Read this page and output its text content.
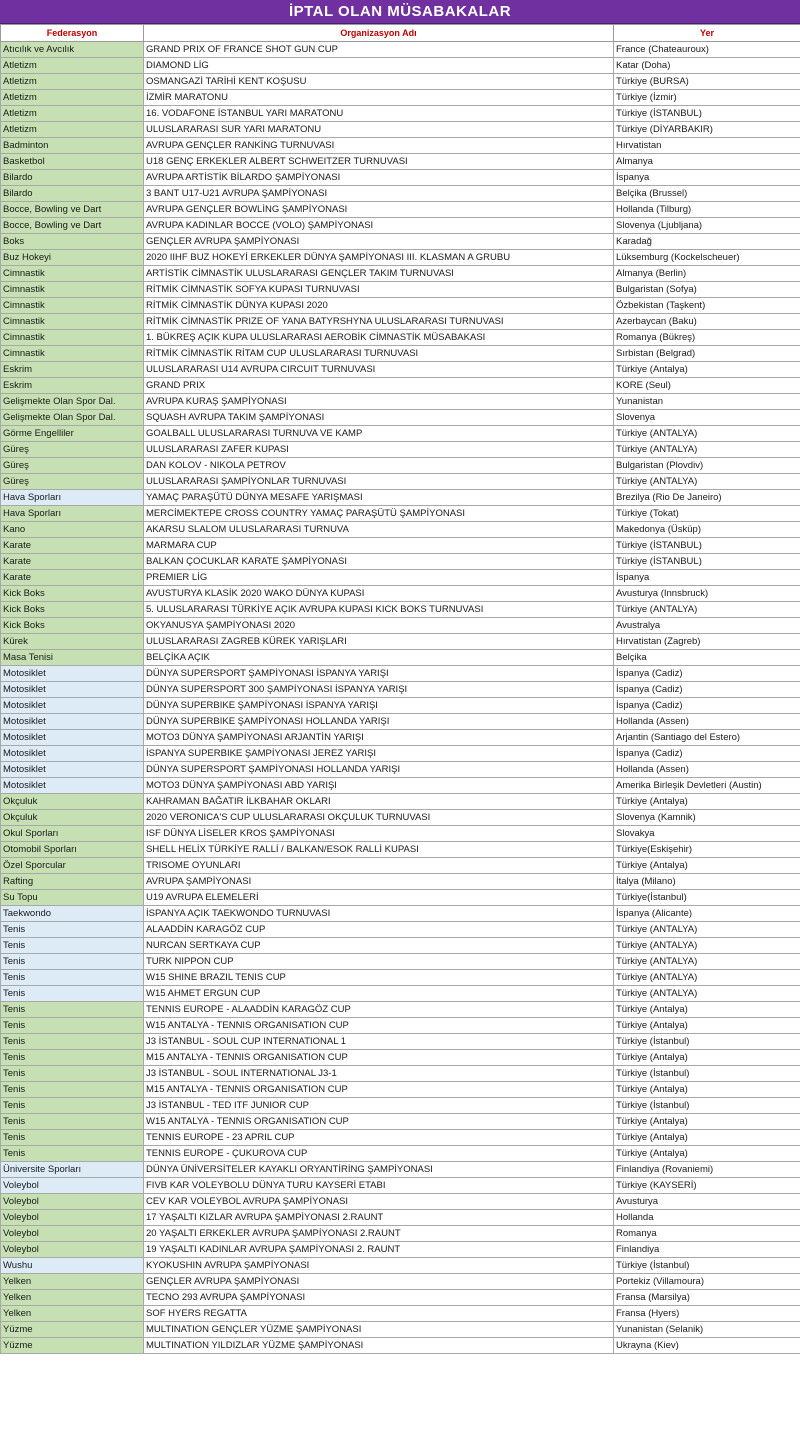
İPTAL OLAN MÜSABAKALAR
Federasyon	Organizasyon Adı	Yer
Atıcılık ve Avcılık	GRAND PRIX OF FRANCE SHOT GUN CUP	France (Chateauroux)
Atletizm	DIAMOND LİG	Katar (Doha)
Atletizm	OSMANGAZİ TARİHİ KENT KOŞUSU	Türkiye (BURSA)
Atletizm	İZMİR MARATONU	Türkiye (İzmir)
Atletizm	16. VODAFONE İSTANBUL YARI MARATONU	Türkiye (İSTANBUL)
Atletizm	ULUSLARARASI SUR YARI MARATONU	Türkiye (DİYARBAKIR)
Badminton	AVRUPA GENÇLER RANKİNG TURNUVASI	Hırvatistan
Basketbol	U18 GENÇ ERKEKLER ALBERT SCHWEITZER TURNUVASI	Almanya
Bilardo	AVRUPA ARTİSTİK BİLARDO ŞAMPİYONASI	İspanya
Bilardo	3 BANT U17-U21 AVRUPA ŞAMPİYONASI	Belçika (Brussel)
Bocce, Bowling ve Dart	AVRUPA GENÇLER BOWLİNG ŞAMPİYONASI	Hollanda (Tilburg)
Bocce, Bowling ve Dart	AVRUPA KADINLAR BOCCE (VOLO) ŞAMPİYONASI	Slovenya (Ljubljana)
Boks	GENÇLER AVRUPA ŞAMPİYONASI	Karadağ
Buz Hokeyi	2020 IIHF BUZ HOKEYİ ERKEKLER DÜNYA ŞAMPİYONASI III. KLASMAN A GRUBU	Lüksemburg (Kockelscheuer)
Cimnastik	ARTİSTİK CİMNASTİK ULUSLARARASI GENÇLER TAKIM TURNUVASI	Almanya (Berlin)
Cimnastik	RİTMİK CİMNASTİK SOFYA KUPASI TURNUVASI	Bulgaristan (Sofya)
Cimnastik	RİTMİK CİMNASTİK DÜNYA KUPASI 2020	Özbekistan (Taşkent)
Cimnastik	RİTMİK CİMNASTİK PRIZE OF YANA BATYRSHYNA ULUSLARARASI TURNUVASI	Azerbaycan (Baku)
Cimnastik	1. BÜKREŞ AÇIK KUPA ULUSLARARASI AEROBİK CİMNASTİK MÜSABAKASI	Romanya (Bükreş)
Cimnastik	RİTMİK CİMNASTİK RİTAM CUP ULUSLARARASI TURNUVASI	Sırbistan (Belgrad)
Eskrim	ULUSLARARASI U14 AVRUPA CIRCUIT TURNUVASI	Türkiye (Antalya)
Eskrim	GRAND PRIX	KORE (Seul)
Gelişmekte Olan Spor Dal.	AVRUPA KURAŞ ŞAMPİYONASI	Yunanistan
Gelişmekte Olan Spor Dal.	SQUASH AVRUPA TAKIM ŞAMPİYONASI	Slovenya
Görme Engelliler	GOALBALL ULUSLARARASI TURNUVA VE KAMP	Türkiye (ANTALYA)
Güreş	ULUSLARARASI ZAFER KUPASI	Türkiye (ANTALYA)
Güreş	DAN KOLOV - NIKOLA PETROV	Bulgaristan (Plovdiv)
Güreş	ULUSLARARASI ŞAMPİYONLAR TURNUVASI	Türkiye (ANTALYA)
Hava Sporları	YAMAÇ PARAŞÜTÜ DÜNYA MESAFE YARIŞMASI	Brezilya (Rio De Janeiro)
Hava Sporları	MERCİMEKTEPE CROSS COUNTRY YAMAÇ PARAŞÜTÜ ŞAMPİYONASI	Türkiye (Tokat)
Kano	AKARSU SLALOM ULUSLARARASI TURNUVA	Makedonya (Üsküp)
Karate	MARMARA CUP	Türkiye (İSTANBUL)
Karate	BALKAN ÇOCUKLAR KARATE ŞAMPİYONASI	Türkiye (İSTANBUL)
Karate	PREMIER LİG	İspanya
Kick Boks	AVUSTURYA KLASİK 2020 WAKO DÜNYA KUPASI	Avusturya (Innsbruck)
Kick Boks	5. ULUSLARARASI TÜRKİYE AÇIK AVRUPA KUPASI KICK BOKS TURNUVASI	Türkiye (ANTALYA)
Kick Boks	OKYANUSYA ŞAMPİYONASI 2020	Avustralya
Kürek	ULUSLARARASI ZAGREB KÜREK YARIŞLARI	Hırvatistan (Zagreb)
Masa Tenisi	BELÇİKA AÇIK	Belçika
Motosiklet	DÜNYA SUPERSPORT ŞAMPİYONASI İSPANYA YARIŞI	İspanya (Cadiz)
Motosiklet	DÜNYA SUPERSPORT 300 ŞAMPİYONASI İSPANYA YARIŞI	İspanya (Cadiz)
Motosiklet	DÜNYA SUPERBIKE ŞAMPİYONASI İSPANYA YARIŞI	İspanya (Cadiz)
Motosiklet	DÜNYA SUPERBIKE ŞAMPİYONASI HOLLANDA YARIŞI	Hollanda (Assen)
Motosiklet	MOTO3 DÜNYA ŞAMPİYONASI ARJANTİN YARIŞI	Arjantin (Santiago del Estero)
Motosiklet	İSPANYA SUPERBIKE ŞAMPİYONASI JEREZ YARIŞI	İspanya (Cadiz)
Motosiklet	DÜNYA SUPERSPORT ŞAMPİYONASI HOLLANDA YARIŞI	Hollanda (Assen)
Motosiklet	MOTO3 DÜNYA ŞAMPİYONASI ABD YARIŞI	Amerika Birleşik Devletleri (Austin)
Okçuluk	KAHRAMAN BAĞATIR İLKBAHAR OKLARI	Türkiye (Antalya)
Okçuluk	2020 VERONICA'S CUP ULUSLARARASI OKÇULUK TURNUVASI	Slovenya (Kamnik)
Okul Sporları	ISF DÜNYA LİSELER KROS ŞAMPİYONASI	Slovakya
Otomobil Sporları	SHELL HELİX TÜRKİYE RALLİ / BALKAN/ESOK RALLİ KUPASI	Türkiye(Eskişehir)
Özel Sporcular	TRISOME OYUNLARI	Türkiye (Antalya)
Rafting	AVRUPA ŞAMPİYONASI	İtalya (Milano)
Su Topu	U19 AVRUPA ELEMELERİ	Türkiye(İstanbul)
Taekwondo	İSPANYA AÇIK TAEKWONDO TURNUVASI	İspanya (Alicante)
Tenis	ALAADDİN KARAGÖZ CUP	Türkiye (ANTALYA)
Tenis	NURCAN SERTKAYA CUP	Türkiye (ANTALYA)
Tenis	TURK NIPPON CUP	Türkiye (ANTALYA)
Tenis	W15 SHINE BRAZIL TENIS CUP	Türkiye (ANTALYA)
Tenis	W15 AHMET ERGUN CUP	Türkiye (ANTALYA)
Tenis	TENNIS EUROPE - ALAADDİN KARAGÖZ CUP	Türkiye (Antalya)
Tenis	W15 ANTALYA - TENNIS ORGANISATION CUP	Türkiye (Antalya)
Tenis	J3 İSTANBUL - SOUL CUP INTERNATIONAL 1	Türkiye (İstanbul)
Tenis	M15 ANTALYA - TENNIS ORGANISATION CUP	Türkiye (Antalya)
Tenis	J3 İSTANBUL - SOUL INTERNATIONAL J3-1	Türkiye (İstanbul)
Tenis	M15 ANTALYA - TENNIS ORGANISATION CUP	Türkiye (Antalya)
Tenis	J3 İSTANBUL - TED ITF JUNIOR CUP	Türkiye (İstanbul)
Tenis	W15 ANTALYA - TENNIS ORGANISATION CUP	Türkiye (Antalya)
Tenis	TENNIS EUROPE - 23 APRIL CUP	Türkiye (Antalya)
Tenis	TENNIS EUROPE - ÇUKUROVA CUP	Türkiye (Antalya)
Üniversite Sporları	DÜNYA ÜNİVERSİTELER KAYAKLI ORYANTİRİNG ŞAMPİYONASI	Finlandiya (Rovaniemi)
Voleybol	FIVB KAR VOLEYBOLU DÜNYA TURU KAYSERİ ETABI	Türkiye (KAYSERİ)
Voleybol	CEV KAR VOLEYBOL AVRUPA ŞAMPİYONASI	Avusturya
Voleybol	17 YAŞALTI KIZLAR AVRUPA ŞAMPİYONASI 2.RAUNT	Hollanda
Voleybol	20 YAŞALTI ERKEKLER AVRUPA ŞAMPİYONASI 2.RAUNT	Romanya
Voleybol	19 YAŞALTI KADINLAR AVRUPA ŞAMPİYONASI 2. RAUNT	Finlandiya
Wushu	KYOKUSHIN AVRUPA ŞAMPİYONASI	Türkiye (İstanbul)
Yelken	GENÇLER AVRUPA ŞAMPİYONASI	Portekiz (Villamoura)
Yelken	TECNO 293 AVRUPA ŞAMPİYONASI	Fransa (Marsilya)
Yelken	SOF HYERS REGATTA	Fransa (Hyers)
Yüzme	MULTINATION GENÇLER YÜZME ŞAMPİYONASI	Yunanistan (Selanik)
Yüzme	MULTINATION YILDIZLAR YÜZME ŞAMPİYONASI	Ukrayna (Kiev)
